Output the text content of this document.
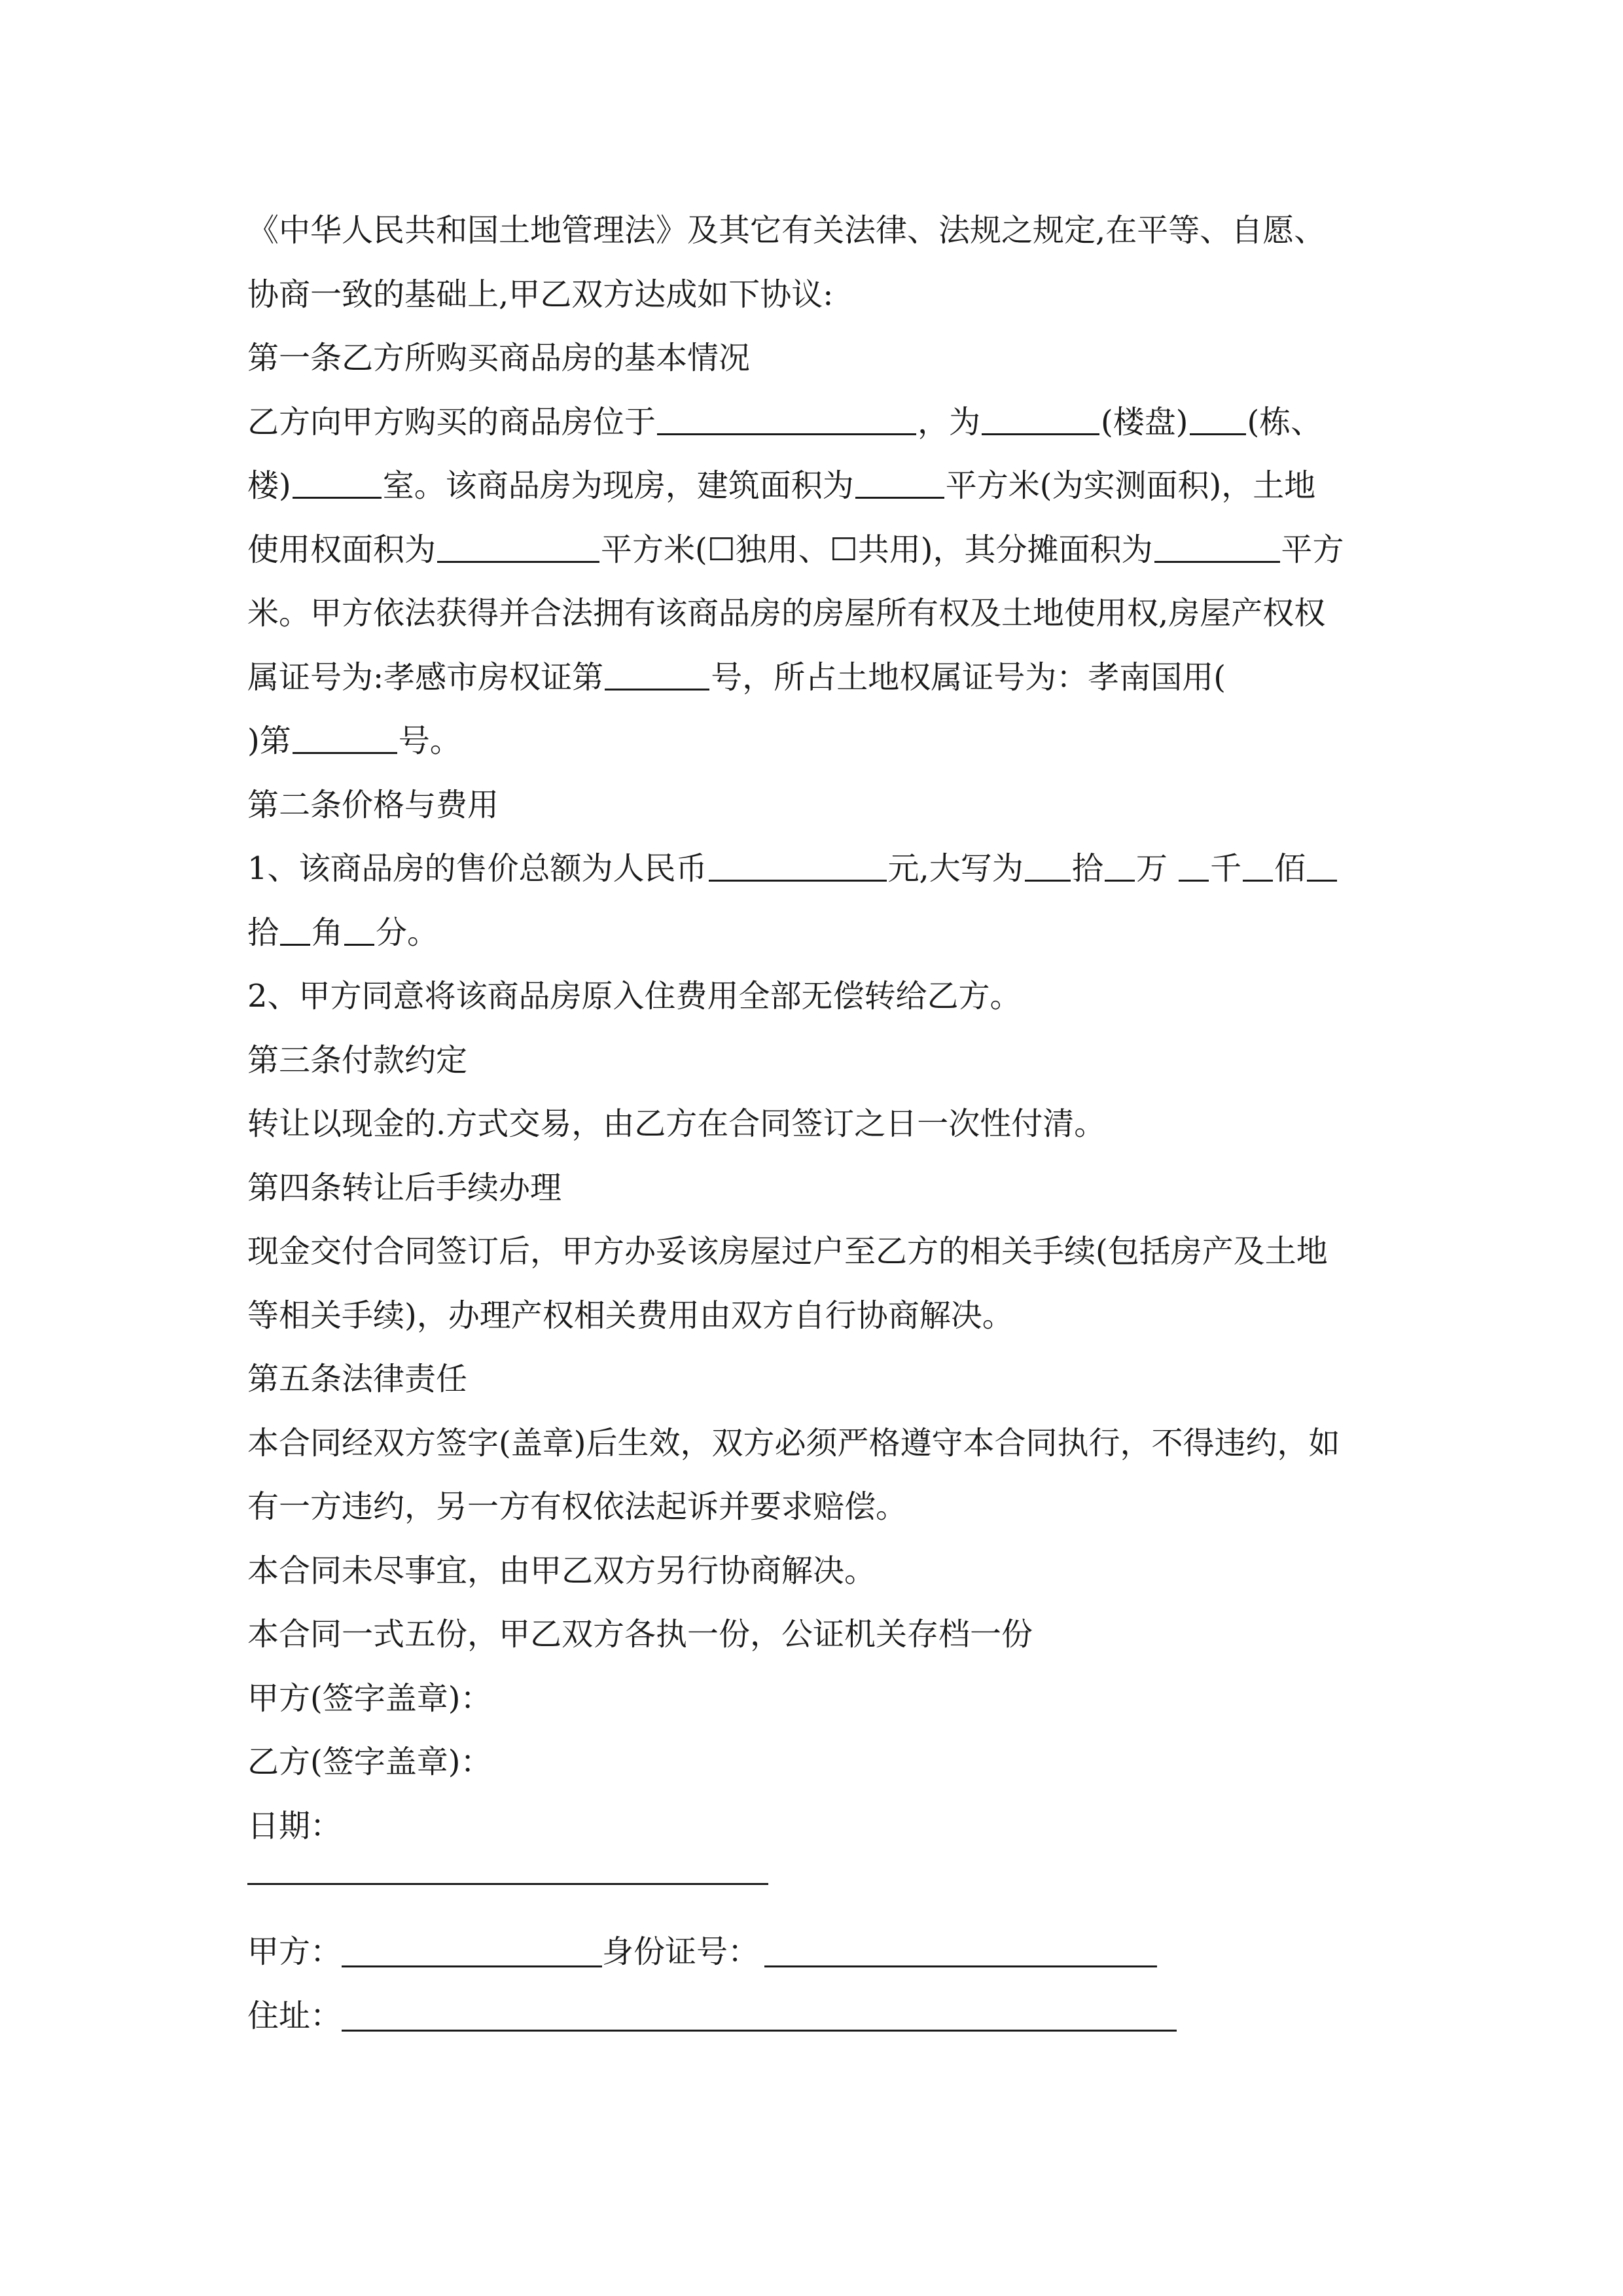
《中华人民共和国土地管理法》及其它有关法律、法规之规定,在平等、自愿、
协商一致的基础上,甲乙双方达成如下协议:
第一条乙方所购买商品房的基本情况
乙方向甲方购买的商品房位于	，为	(楼盘) (栋、
楼)	室。该商品房为现房，建筑面积为	平方米(为实测面积)，土地
使用权面积为	平方米(☐独用、☐共用)，其分摊面积为	平方
米。甲方依法获得并合法拥有该商品房的房屋所有权及土地使用权,房屋产权权
属证号为:孝感市房权证第	号，所占土地权属证号为：孝南国用(
)第	号。
第二条价格与费用
1、该商品房的售价总额为人民币	元,大写为 拾 万 千 佰
拾 角 分。
2、甲方同意将该商品房原入住费用全部无偿转给乙方。
第三条付款约定
转让以现金的.方式交易，由乙方在合同签订之日一次性付清。
第四条转让后手续办理
现金交付合同签订后，甲方办妥该房屋过户至乙方的相关手续(包括房产及土地
等相关手续)，办理产权相关费用由双方自行协商解决。
第五条法律责任
本合同经双方签字(盖章)后生效，双方必须严格遵守本合同执行，不得违约，如
有一方违约，另一方有权依法起诉并要求赔偿。
本合同未尽事宜，由甲乙双方另行协商解决。
本合同一式五份，甲乙双方各执一份，公证机关存档一份
甲方(签字盖章)：
乙方(签字盖章)：
日期：
甲方：	身份证号：
住址：
